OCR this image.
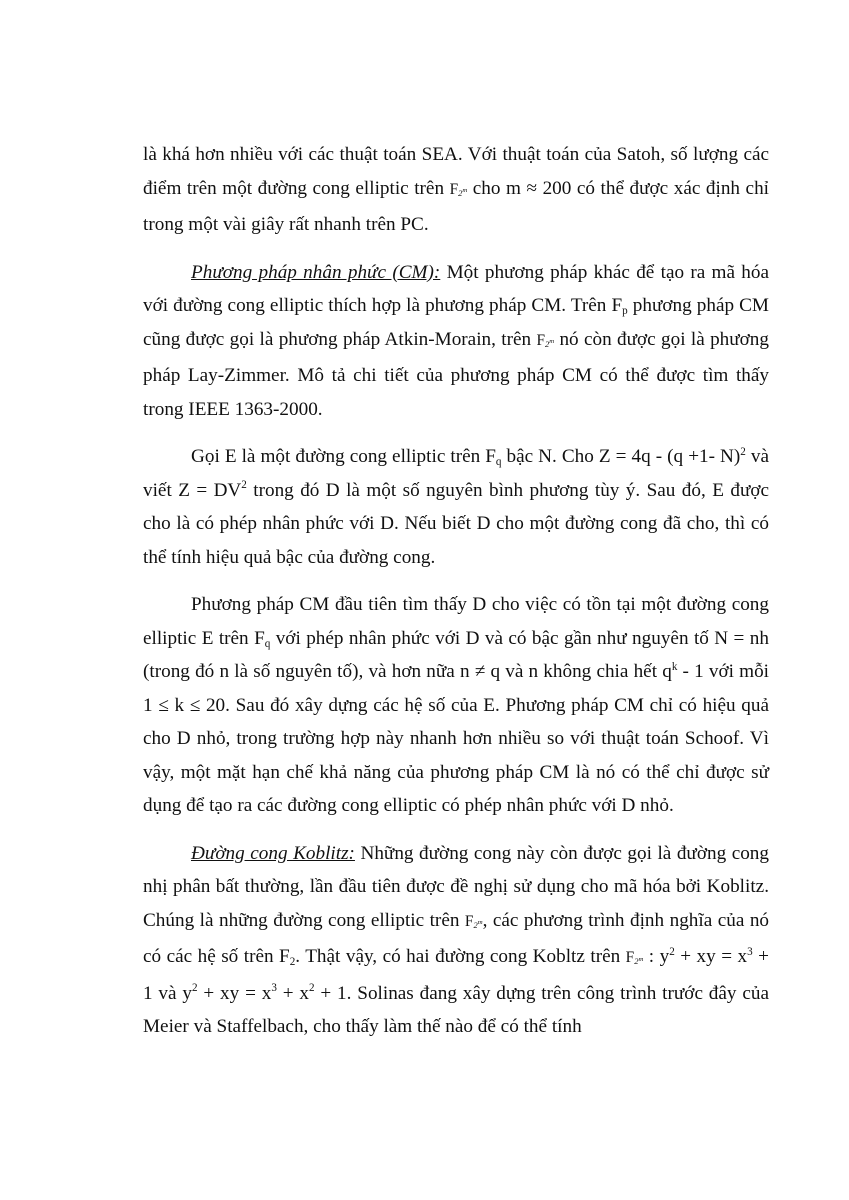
là khá hơn nhiều với các thuật toán SEA. Với thuật toán của Satoh, số lượng các điểm trên một đường cong elliptic trên F2$^m$ cho m ≈ 200 có thể được xác định chỉ trong một vài giây rất nhanh trên PC.

Phương pháp nhân phức (CM): Một phương pháp khác để tạo ra mã hóa với đường cong elliptic thích hợp là phương pháp CM. Trên $F_p$ phương pháp CM cũng được gọi là phương pháp Atkin-Morain, trên F2$^m$ nó còn được gọi là phương pháp Lay-Zimmer. Mô tả chi tiết của phương pháp CM có thể được tìm thấy trong IEEE 1363-2000.

Gọi E là một đường cong elliptic trên $F_q$ bậc N. Cho Z = 4q - (q +1- N)$^2$ và viết $Z = DV^2$ trong đó D là một số nguyên bình phương tùy ý. Sau đó, E được cho là có phép nhân phức với D. Nếu biết D cho một đường cong đã cho, thì có thể tính hiệu quả bậc của đường cong.

Phương pháp CM đầu tiên tìm thấy D cho việc có tồn tại một đường cong elliptic E trên $F_q$ với phép nhân phức với D và có bậc gần như nguyên tố N = nh (trong đó n là số nguyên tố), và hơn nữa n ≠ q và n không chia hết $q^k - 1$ với mỗi 1 ≤ k ≤ 20. Sau đó xây dựng các hệ số của E. Phương pháp CM chỉ có hiệu quả cho D nhỏ, trong trường hợp này nhanh hơn nhiều so với thuật toán Schoof. Vì vậy, một mặt hạn chế khả năng của phương pháp CM là nó có thể chỉ được sử dụng để tạo ra các đường cong elliptic có phép nhân phức với D nhỏ.

Đường cong Koblitz: Những đường cong này còn được gọi là đường cong nhị phân bất thường, lần đầu tiên được đề nghị sử dụng cho mã hóa bởi Koblitz. Chúng là những đường cong elliptic trên F2$^m$, các phương trình định nghĩa của nó có các hệ số trên $F_2$. Thật vậy, có hai đường cong Kobltz trên F2$^m$ : $y^2$ + xy = $x^3 + 1$ và $y^2$ + xy = $x^3 + x^2 + 1$. Solinas đang xây dựng trên công trình trước đây của Meier và Staffelbach, cho thấy làm thế nào để có thể tính
